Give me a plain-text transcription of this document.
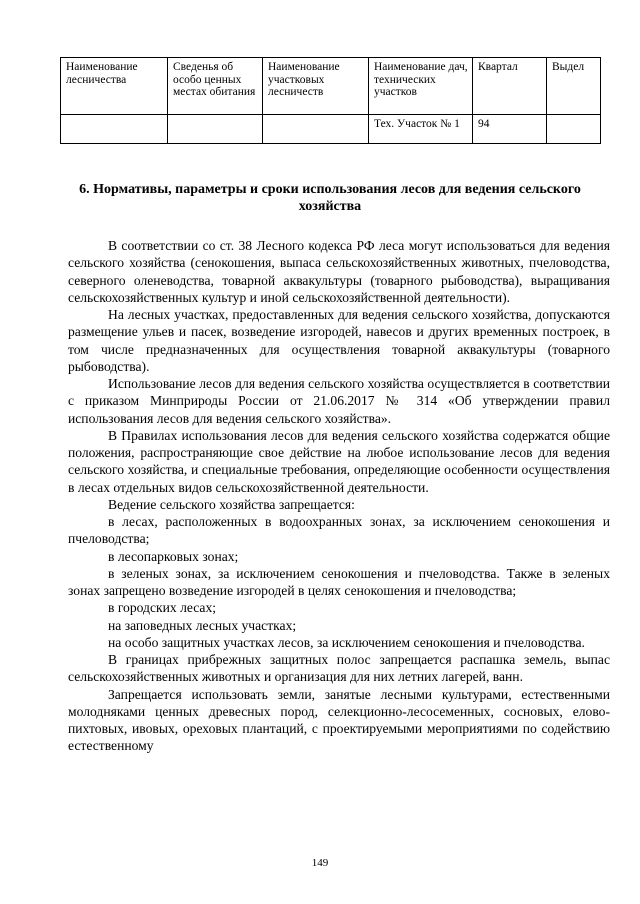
Наименование лесничества	Сведенья об особо ценных местах обитания	Наименование участковых лесничеств	Наименование дач, технических участков	Квартал	Выдел
			Тех. Участок № 1	94	
6. Нормативы, параметры и сроки использования лесов для ведения сельского хозяйства

В соответствии со ст. 38 Лесного кодекса РФ леса могут использоваться для ведения сельского хозяйства (сенокошения, выпаса сельскохозяйственных животных, пчеловодства, северного оленеводства, товарной аквакультуры (товарного рыбоводства), выращивания сельскохозяйственных культур и иной сельскохозяйственной деятельности).

На лесных участках, предоставленных для ведения сельского хозяйства, допускаются размещение ульев и пасек, возведение изгородей, навесов и других временных построек, в том числе предназначенных для осуществления товарной аквакультуры (товарного рыбоводства).

Использование лесов для ведения сельского хозяйства осуществляется в соответствии с приказом Минприроды России от 21.06.2017 № 314 «Об утверждении правил использования лесов для ведения сельского хозяйства».

В Правилах использования лесов для ведения сельского хозяйства содержатся общие положения, распространяющие свое действие на любое использование лесов для ведения сельского хозяйства, и специальные требования, определяющие особенности осуществления в лесах отдельных видов сельскохозяйственной деятельности.

Ведение сельского хозяйства запрещается:

в лесах, расположенных в водоохранных зонах, за исключением сенокошения и пчеловодства;

в лесопарковых зонах;

в зеленых зонах, за исключением сенокошения и пчеловодства. Также в зеленых зонах запрещено возведение изгородей в целях сенокошения и пчеловодства;

в городских лесах;

на заповедных лесных участках;

на особо защитных участках лесов, за исключением сенокошения и пчеловодства.

В границах прибрежных защитных полос запрещается распашка земель, выпас сельскохозяйственных животных и организация для них летних лагерей, ванн.

Запрещается использовать земли, занятые лесными культурами, естественными молодняками ценных древесных пород, селекционно-лесосеменных, сосновых, елово-пихтовых, ивовых, ореховых плантаций, с проектируемыми мероприятиями по содействию естественному

149
